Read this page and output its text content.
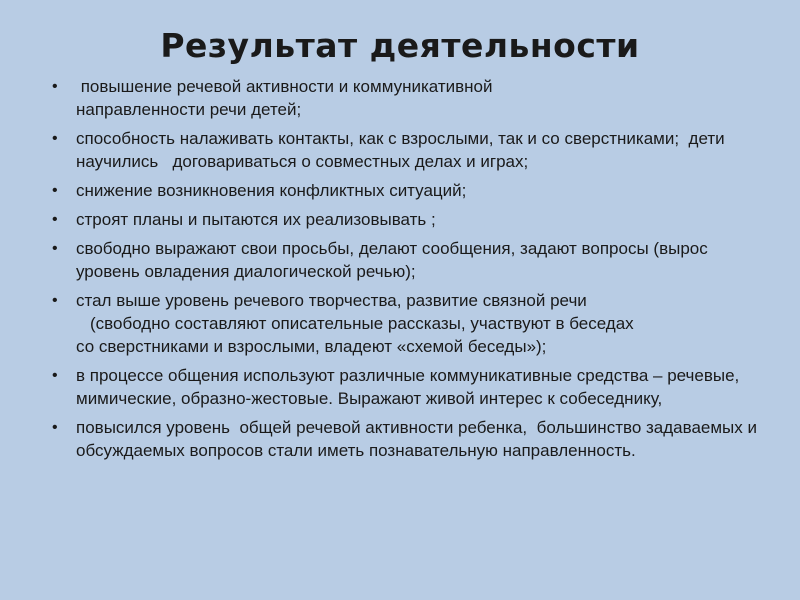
Результат деятельности
• повышение речевой активности и коммуникативной
направленности речи детей;
• способность налаживать контакты, как с взрослыми, так и со сверстниками;  дети научились   договариваться о совместных делах и играх;
• снижение возникновения конфликтных ситуаций;
• строят планы и пытаются их реализовывать ;
• свободно выражают свои просьбы, делают сообщения, задают вопросы (вырос уровень овладения диалогической речью);
• стал выше уровень речевого творчества, развитие связной речи
(свободно составляют описательные рассказы, участвуют в беседах
со сверстниками и взрослыми, владеют «схемой беседы»);
• в процессе общения используют различные коммуникативные средства – речевые, мимические, образно-жестовые. Выражают живой интерес к собеседнику,
• повысился уровень  общей речевой активности ребенка,  большинство задаваемых и обсуждаемых вопросов стали иметь познавательную направленность.
